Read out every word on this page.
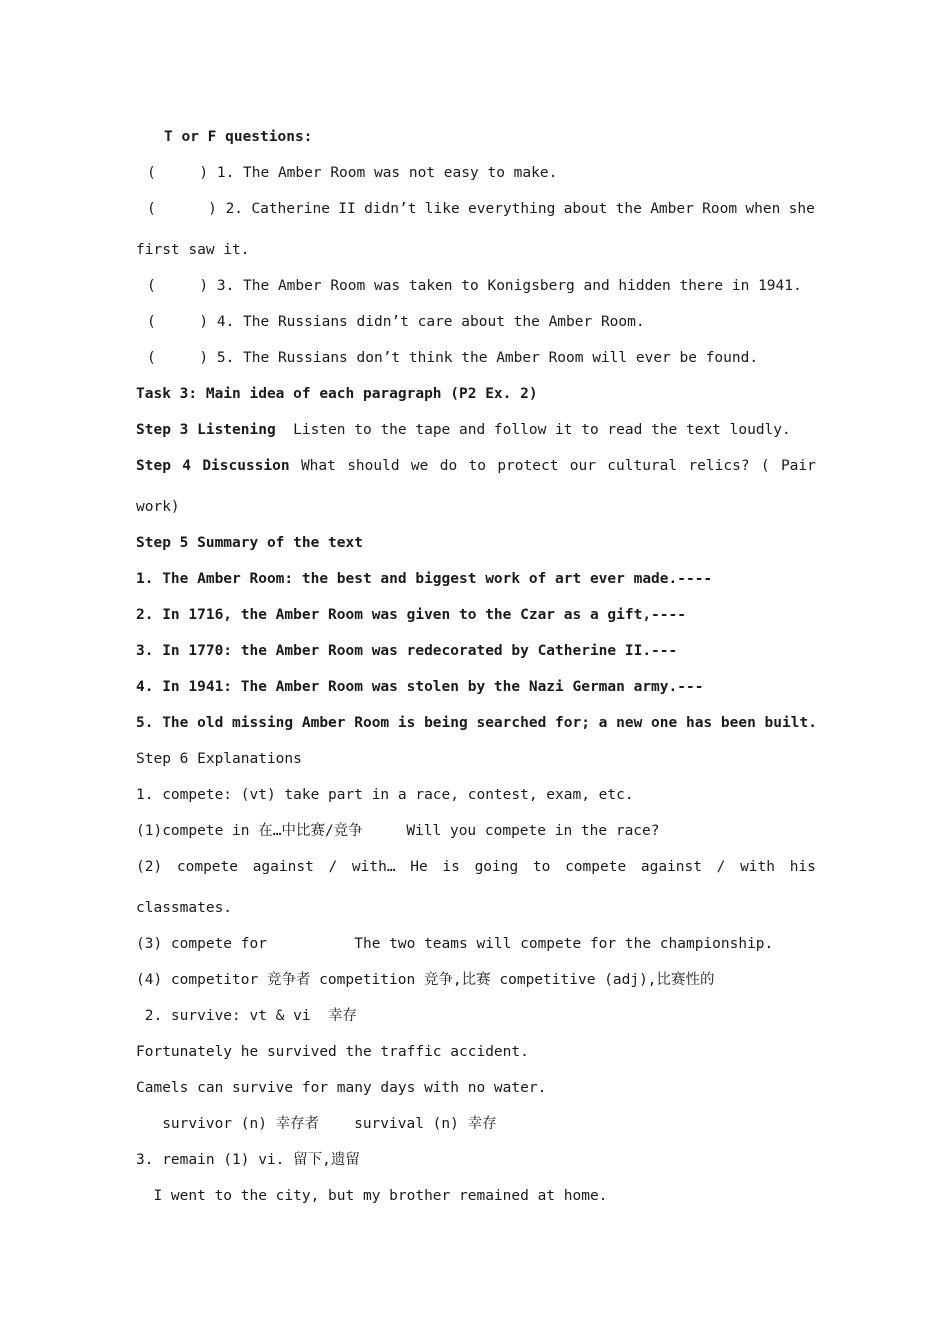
T or F questions:
(     ) 1. The Amber Room was not easy to make.
(      ) 2. Catherine II didn’t like everything about the Amber Room when she
first saw it.
(     ) 3. The Amber Room was taken to Konigsberg and hidden there in 1941.
(     ) 4. The Russians didn’t care about the Amber Room.
(     ) 5. The Russians don’t think the Amber Room will ever be found.
Task 3: Main idea of each paragraph (P2 Ex. 2)
Step 3 Listening  Listen to the tape and follow it to read the text loudly.
Step 4 Discussion What should we do to protect our cultural relics? ( Pair
work)
Step 5 Summary of the text
1. The Amber Room: the best and biggest work of art ever made.----
2. In 1716, the Amber Room was given to the Czar as a gift,----
3. In 1770: the Amber Room was redecorated by Catherine II.---
4. In 1941: The Amber Room was stolen by the Nazi German army.---
5. The old missing Amber Room is being searched for; a new one has been built.
Step 6 Explanations
1. compete: (vt) take part in a race, contest, exam, etc.
(1)compete in 在…中比赛/竞争     Will you compete in the race?
(2) compete against / with… He is going to compete against / with his
classmates.
(3) compete for          The two teams will compete for the championship.
(4) competitor 竞争者 competition 竞争,比赛 competitive (adj),比赛性的
2. survive: vt & vi  幸存
Fortunately he survived the traffic accident.
Camels can survive for many days with no water.
survivor (n) 幸存者    survival (n) 幸存
3. remain (1) vi. 留下,遗留
I went to the city, but my brother remained at home.
